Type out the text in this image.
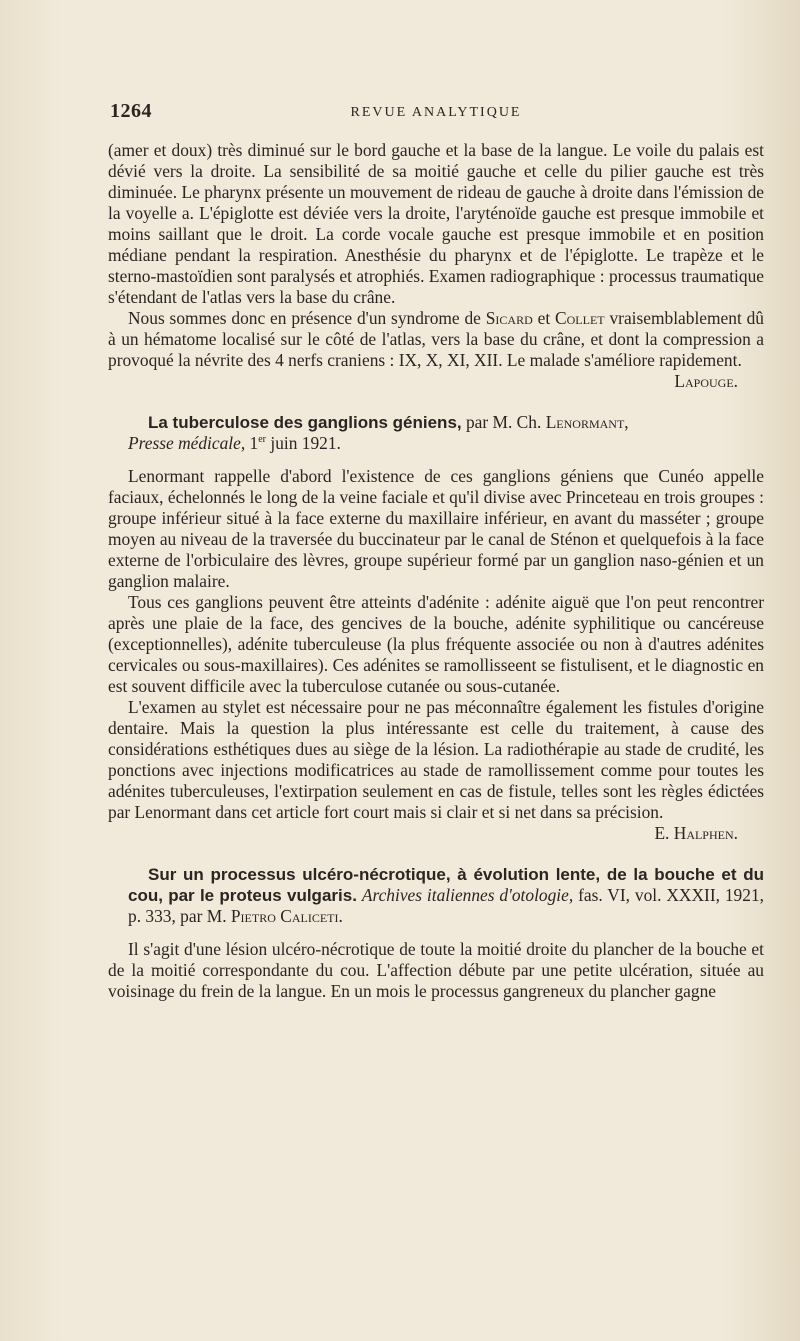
1264	REVUE ANALYTIQUE

(amer et doux) très diminué sur le bord gauche et la base de la langue. Le voile du palais est dévié vers la droite. La sensibilité de sa moitié gauche et celle du pilier gauche est très diminuée. Le pharynx présente un mouvement de rideau de gauche à droite dans l'émission de la voyelle a. L'épiglotte est déviée vers la droite, l'aryténoïde gauche est presque immobile et moins saillant que le droit. La corde vocale gauche est presque immobile et en position médiane pendant la respiration. Anesthésie du pharynx et de l'épiglotte. Le trapèze et le sterno-mastoïdien sont paralysés et atrophiés. Examen radiographique : processus traumatique s'étendant de l'atlas vers la base du crâne.

Nous sommes donc en présence d'un syndrome de Sicard et Collet vraisemblablement dû à un hématome localisé sur le côté de l'atlas, vers la base du crâne, et dont la compression a provoqué la névrite des 4 nerfs craniens : IX, X, XI, XII. Le malade s'améliore rapidement.

Lapouge.

La tuberculose des ganglions géniens, par M. Ch. Lenormant,
Presse médicale, 1er juin 1921.

Lenormant rappelle d'abord l'existence de ces ganglions géniens que Cunéo appelle faciaux, échelonnés le long de la veine faciale et qu'il divise avec Princeteau en trois groupes : groupe inférieur situé à la face externe du maxillaire inférieur, en avant du masséter ; groupe moyen au niveau de la traversée du buccinateur par le canal de Sténon et quelquefois à la face externe de l'orbiculaire des lèvres, groupe supérieur formé par un ganglion naso-génien et un ganglion malaire.

Tous ces ganglions peuvent être atteints d'adénite : adénite aiguë que l'on peut rencontrer après une plaie de la face, des gencives de la bouche, adénite syphilitique ou cancéreuse (exceptionnelles), adénite tuberculeuse (la plus fréquente associée ou non à d'autres adénites cervicales ou sous-maxillaires). Ces adénites se ramollisseent se fistulisent, et le diagnostic en est souvent difficile avec la tuberculose cutanée ou sous-cutanée.

L'examen au stylet est nécessaire pour ne pas méconnaître également les fistules d'origine dentaire. Mais la question la plus intéressante est celle du traitement, à cause des considérations esthétiques dues au siège de la lésion. La radiothérapie au stade de crudité, les ponctions avec injections modificatrices au stade de ramollissement comme pour toutes les adénites tuberculeuses, l'extirpation seulement en cas de fistule, telles sont les règles édictées par Lenormant dans cet article fort court mais si clair et si net dans sa précision.

E. Halphen.

Sur un processus ulcéro-nécrotique, à évolution lente, de la bouche et du cou, par le proteus vulgaris. Archives italiennes d'otologie, fas. VI, vol. XXXII, 1921, p. 333, par M. Pietro Caliceti.

Il s'agit d'une lésion ulcéro-nécrotique de toute la moitié droite du plancher de la bouche et de la moitié correspondante du cou. L'affection débute par une petite ulcération, située au voisinage du frein de la langue. En un mois le processus gangreneux du plancher gagne
